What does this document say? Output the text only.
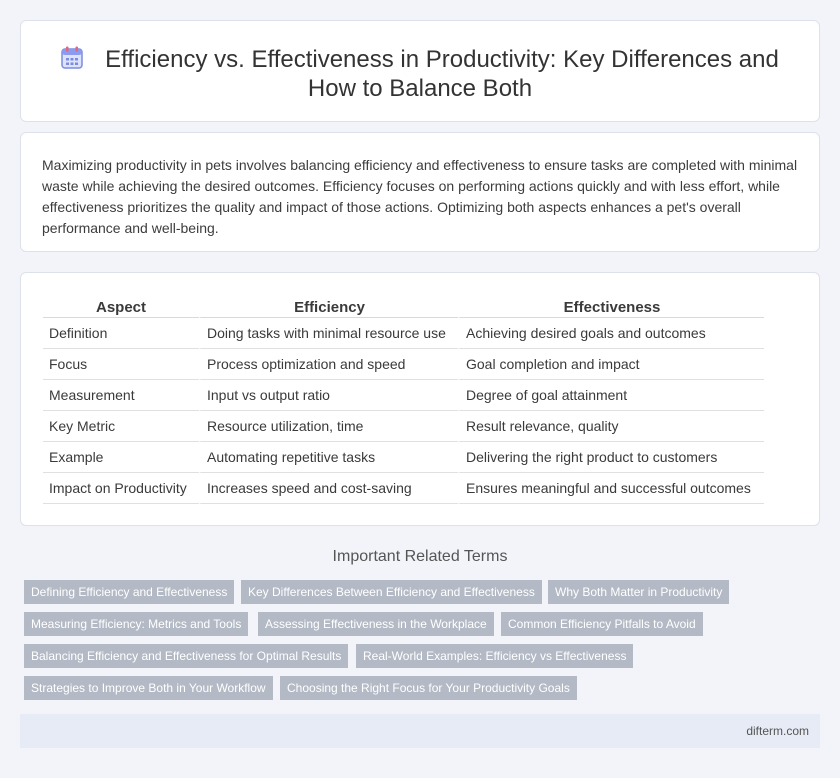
Efficiency vs. Effectiveness in Productivity: Key Differences and
How to Balance Both

Maximizing productivity in pets involves balancing efficiency and effectiveness to ensure tasks are completed with minimal waste while achieving the desired outcomes. Efficiency focuses on performing actions quickly and with less effort, while effectiveness prioritizes the quality and impact of those actions. Optimizing both aspects enhances a pet's overall performance and well-being.

Aspect	Efficiency	Effectiveness
Definition	Doing tasks with minimal resource use	Achieving desired goals and outcomes
Focus	Process optimization and speed	Goal completion and impact
Measurement	Input vs output ratio	Degree of goal attainment
Key Metric	Resource utilization, time	Result relevance, quality
Example	Automating repetitive tasks	Delivering the right product to customers
Impact on Productivity	Increases speed and cost-saving	Ensures meaningful and successful outcomes
Important Related Terms
Defining Efficiency and Effectiveness	Key Differences Between Efficiency and Effectiveness	Why Both Matter in Productivity
Measuring Efficiency: Metrics and Tools	Assessing Effectiveness in the Workplace	Common Efficiency Pitfalls to Avoid
Balancing Efficiency and Effectiveness for Optimal Results	Real-World Examples: Efficiency vs Effectiveness
Strategies to Improve Both in Your Workflow	Choosing the Right Focus for Your Productivity Goals
difterm.com
